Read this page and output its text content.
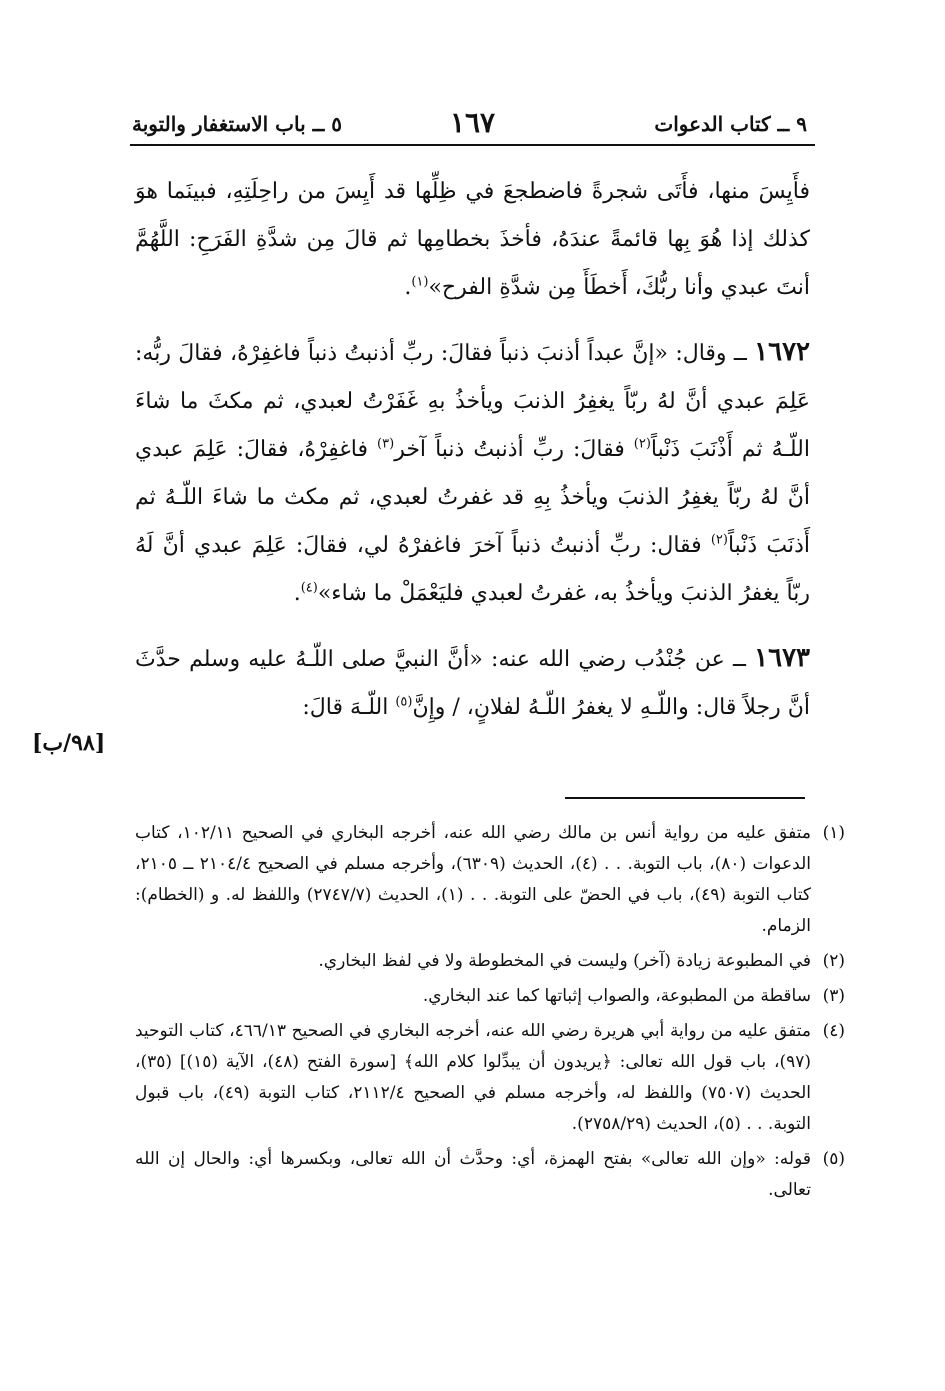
٩ ــ كتاب الدعوات
١٦٧
٥ ــ باب الاستغفار والتوبة

فأَيِسَ منها، فأَتَى شجرةً فاضطجعَ في ظِلِّها قد أَيِسَ من راحِلَتِهِ، فبينَما هوَ كذلك إذا هُوَ بِها قائمةً عندَهُ، فأخذَ بخطامِها ثم قالَ مِن شدَّةِ الفَرَحِ: اللَّهُمَّ أنتَ عبدي وأنا ربُّكَ، أَخطَأَ مِن شدَّةِ الفرح»$^{(١)}$.

١٦٧٢ ــ وقال: «إنَّ عبداً أذنبَ ذنباً فقالَ: ربِّ أذنبتُ ذنباً فاغفِرْهُ، فقالَ ربُّه: عَلِمَ عبدي أنَّ لهُ ربّاً يغفِرُ الذنبَ ويأخذُ بهِ غَفَرْتُ لعبدي، ثم مكثَ ما شاءَ اللّـهُ ثم أَذْنَبَ ذَنْباً$^{(٢)}$ فقالَ: ربِّ أذنبتُ ذنباً آخر$^{(٣)}$ فاغفِرْهُ، فقالَ: عَلِمَ عبدي أنَّ لهُ ربّاً يغفِرُ الذنبَ ويأخذُ بِهِ قد غفرتُ لعبدي، ثم مكث ما شاءَ اللّـهُ ثم أَذنَبَ ذَنْباً$^{(٢)}$ فقال: ربِّ أذنبتُ ذنباً آخرَ فاغفرْهُ لي، فقالَ: عَلِمَ عبدي أنَّ لَهُ ربّاً يغفرُ الذنبَ ويأخذُ به، غفرتُ لعبدي فليَعْمَلْ ما شاء»$^{(٤)}$.

١٦٧٣ ــ عن جُنْدُب رضي الله عنه: «أنَّ النبيَّ صلى اللّـهُ عليه وسلم حدَّثَ أنَّ رجلاً قال: واللّـهِ لا يغفرُ اللّـهُ لفلانٍ، / وإِنَّ$^{(٥)}$ اللّـهَ قالَ:

[٩٨/ب]
(١)
متفق عليه من رواية أنس بن مالك رضي الله عنه، أخرجه البخاري في الصحيح ١٠٢/١١، كتاب الدعوات (٨٠)، باب التوبة. . . (٤)، الحديث (٦٣٠٩)، وأخرجه مسلم في الصحيح ٢١٠٤/٤ ــ ٢١٠٥، كتاب التوبة (٤٩)، باب في الحضّ على التوبة. . . (١)، الحديث (٢٧٤٧/٧) واللفظ له. و (الخطام): الزمام.
(٢)
في المطبوعة زيادة (آخر) وليست في المخطوطة ولا في لفظ البخاري.
(٣)
ساقطة من المطبوعة، والصواب إثباتها كما عند البخاري.
(٤)
متفق عليه من رواية أبي هريرة رضي الله عنه، أخرجه البخاري في الصحيح ٤٦٦/١٣، كتاب التوحيد (٩٧)، باب قول الله تعالى: ﴿يريدون أن يبدِّلوا كلام الله﴾ [سورة الفتح (٤٨)، الآية (١٥)] (٣٥)، الحديث (٧٥٠٧) واللفظ له، وأخرجه مسلم في الصحيح ٢١١٢/٤، كتاب التوبة (٤٩)، باب قبول التوبة. . . (٥)، الحديث (٢٧٥٨/٢٩).
(٥)
قوله: «وإن الله تعالى» بفتح الهمزة، أي: وحدَّث أن الله تعالى، وبكسرها أي: والحال إن الله تعالى.
